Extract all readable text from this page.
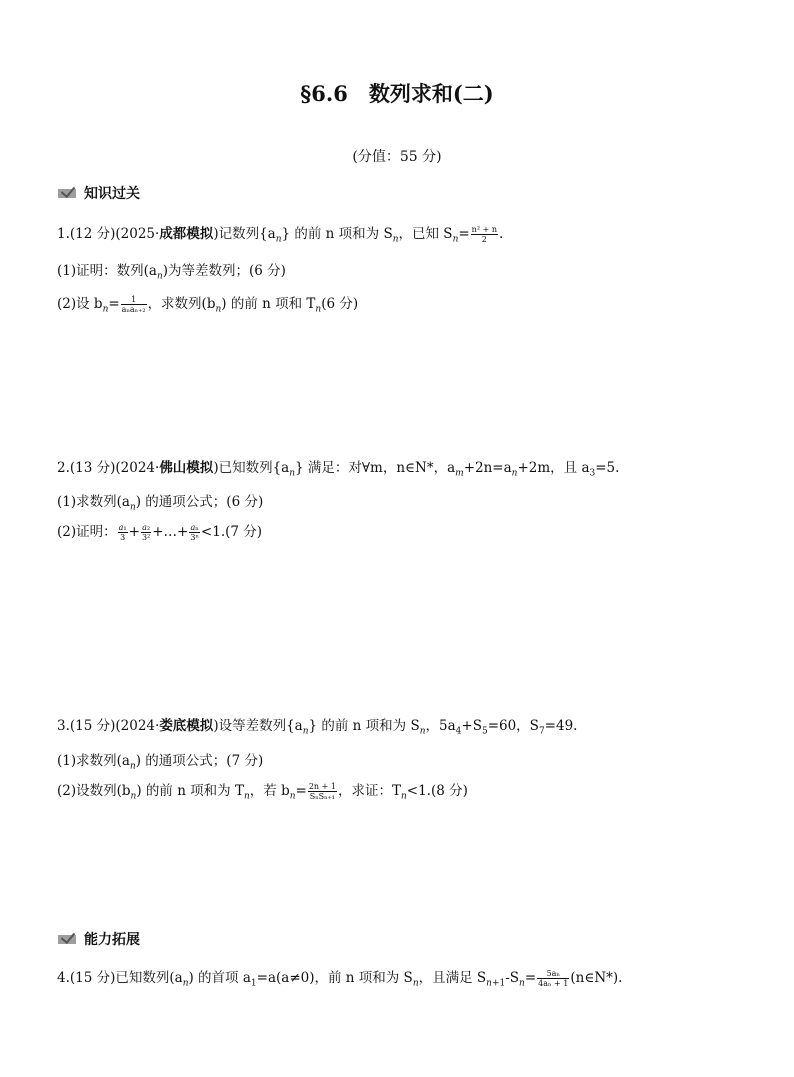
§6.6　数列求和(二)
(分值：55 分)
知识过关
1.(12 分)(2025·成都模拟)记数列$\{a_n\}$ 的前 n 项和为 $S_n$，已知 $S_n= \frac{\text{n² + n}}{2}$ .
(1)证明：数列$(a_n)$为等差数列；(6 分)
(2)设 $b_n= \frac{1}{\text{aₙaₙ₊₂}}$ ，求数列$(b_n)$ 的前 n 项和 $T_n(6$ 分)
2.(13 分)(2024·佛山模拟)已知数列$\{a_n\}$ 满足：对∀m，n∈N*，$a_m+2n=a_n+2m$，且 $a_3=5$.
(1)求数列$(a_n)$ 的通项公式；(6 分)
(2)证明： $\frac{\text{a₁}}{3} + \frac{\text{a₂}}{\text{3²}}$ +…+ $\frac{\text{aₙ}}{\text{3ⁿ}} <1.(7$ 分)
3.(15 分)(2024·娄底模拟)设等差数列$\{a_n\}$ 的前 n 项和为 $S_n$，$5a_4+S_5=60$，$S_7=49$.
(1)求数列$(a_n)$ 的通项公式；(7 分)
(2)设数列$(b_n)$ 的前 n 项和为 $T_n$，若 $b_n= \frac{2n + 1}{\text{SₙSₙ₊₁}}$ ，求证：$T_n<1.(8$ 分)
能力拓展
4.(15 分)已知数列$(a_n)$ 的首项 $a_1=a(a\ne 0)$，前 n 项和为 $S_n$，且满足 $S_{n+1}-S_n= \frac{\text{5aₙ}}{\text{4aₙ + 1}}$ (n∈N*).
